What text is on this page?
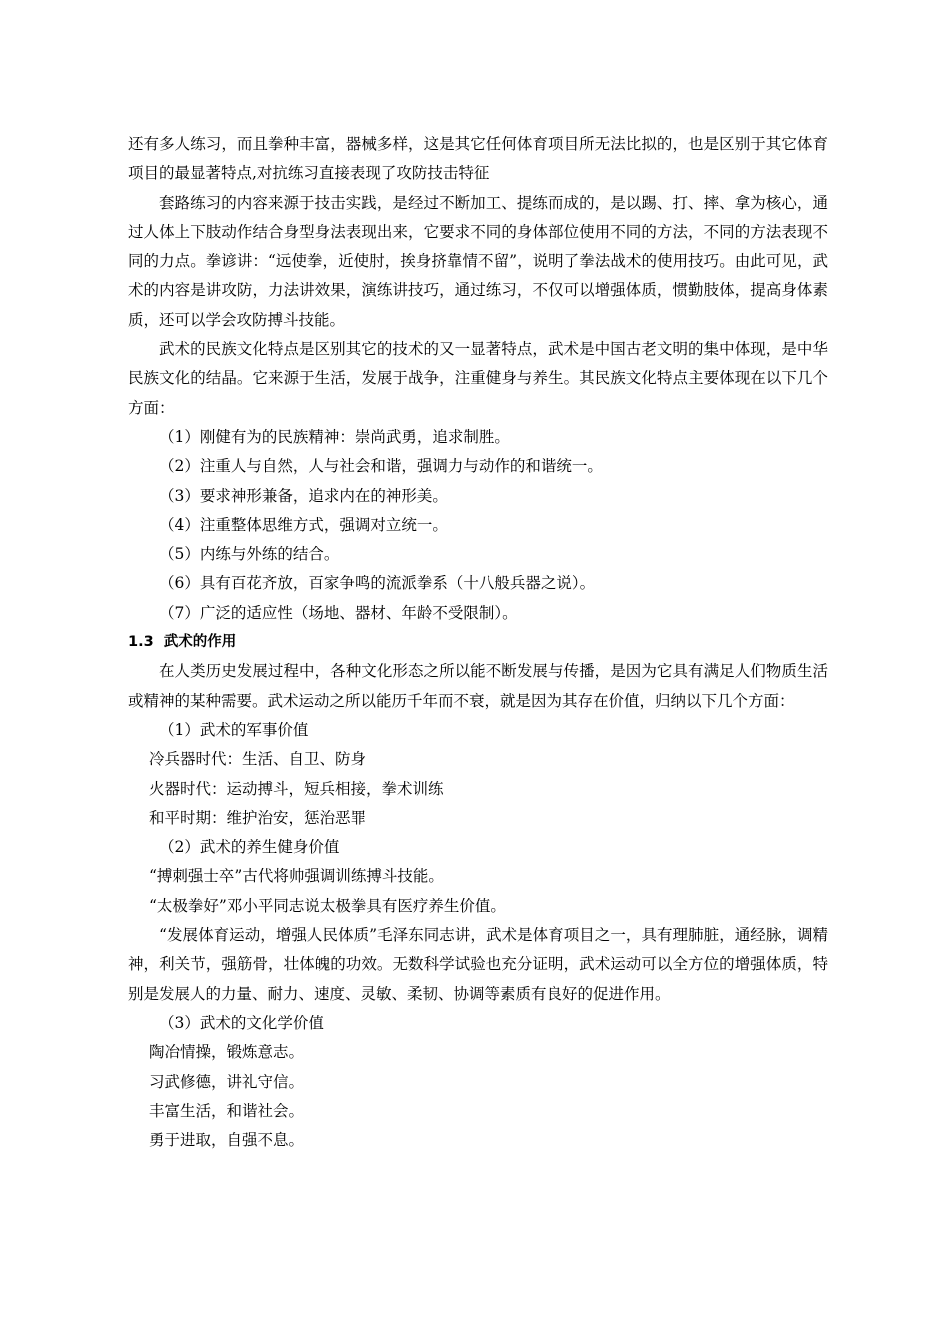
还有多人练习，而且拳种丰富，器械多样，这是其它任何体育项目所无法比拟的，也是区别于其它体育项目的最显著特点,对抗练习直接表现了攻防技击特征

套路练习的内容来源于技击实践，是经过不断加工、提练而成的，是以踢、打、摔、拿为核心，通过人体上下肢动作结合身型身法表现出来，它要求不同的身体部位使用不同的方法，不同的方法表现不同的力点。拳谚讲：“远使拳，近使肘，挨身挤靠情不留”，说明了拳法战术的使用技巧。由此可见，武术的内容是讲攻防，力法讲效果，演练讲技巧，通过练习，不仅可以增强体质，惯勤肢体，提高身体素质，还可以学会攻防搏斗技能。

武术的民族文化特点是区别其它的技术的又一显著特点，武术是中国古老文明的集中体现，是中华民族文化的结晶。它来源于生活，发展于战争，注重健身与养生。其民族文化特点主要体现在以下几个方面：

（1）刚健有为的民族精神：崇尚武勇，追求制胜。

（2）注重人与自然，人与社会和谐，强调力与动作的和谐统一。

（3）要求神形兼备，追求内在的神形美。

（4）注重整体思维方式，强调对立统一。

（5）内练与外练的结合。

（6）具有百花齐放，百家争鸣的流派拳系（十八般兵器之说）。

（7）广泛的适应性（场地、器材、年龄不受限制）。

1.3  武术的作用

在人类历史发展过程中，各种文化形态之所以能不断发展与传播，是因为它具有满足人们物质生活或精神的某种需要。武术运动之所以能历千年而不衰，就是因为其存在价值，归纳以下几个方面：

（1）武术的军事价值

冷兵器时代：生活、自卫、防身

火器时代：运动搏斗，短兵相接，拳术训练

和平时期：维护治安，惩治恶罪

（2）武术的养生健身价值

“搏刺强士卒”古代将帅强调训练搏斗技能。

“太极拳好”邓小平同志说太极拳具有医疗养生价值。

“发展体育运动，增强人民体质”毛泽东同志讲，武术是体育项目之一，具有理肺脏，通经脉，调精神，利关节，强筋骨，壮体魄的功效。无数科学试验也充分证明，武术运动可以全方位的增强体质，特别是发展人的力量、耐力、速度、灵敏、柔韧、协调等素质有良好的促进作用。

（3）武术的文化学价值

陶冶情操，锻炼意志。

习武修德，讲礼守信。

丰富生活，和谐社会。

勇于进取，自强不息。
